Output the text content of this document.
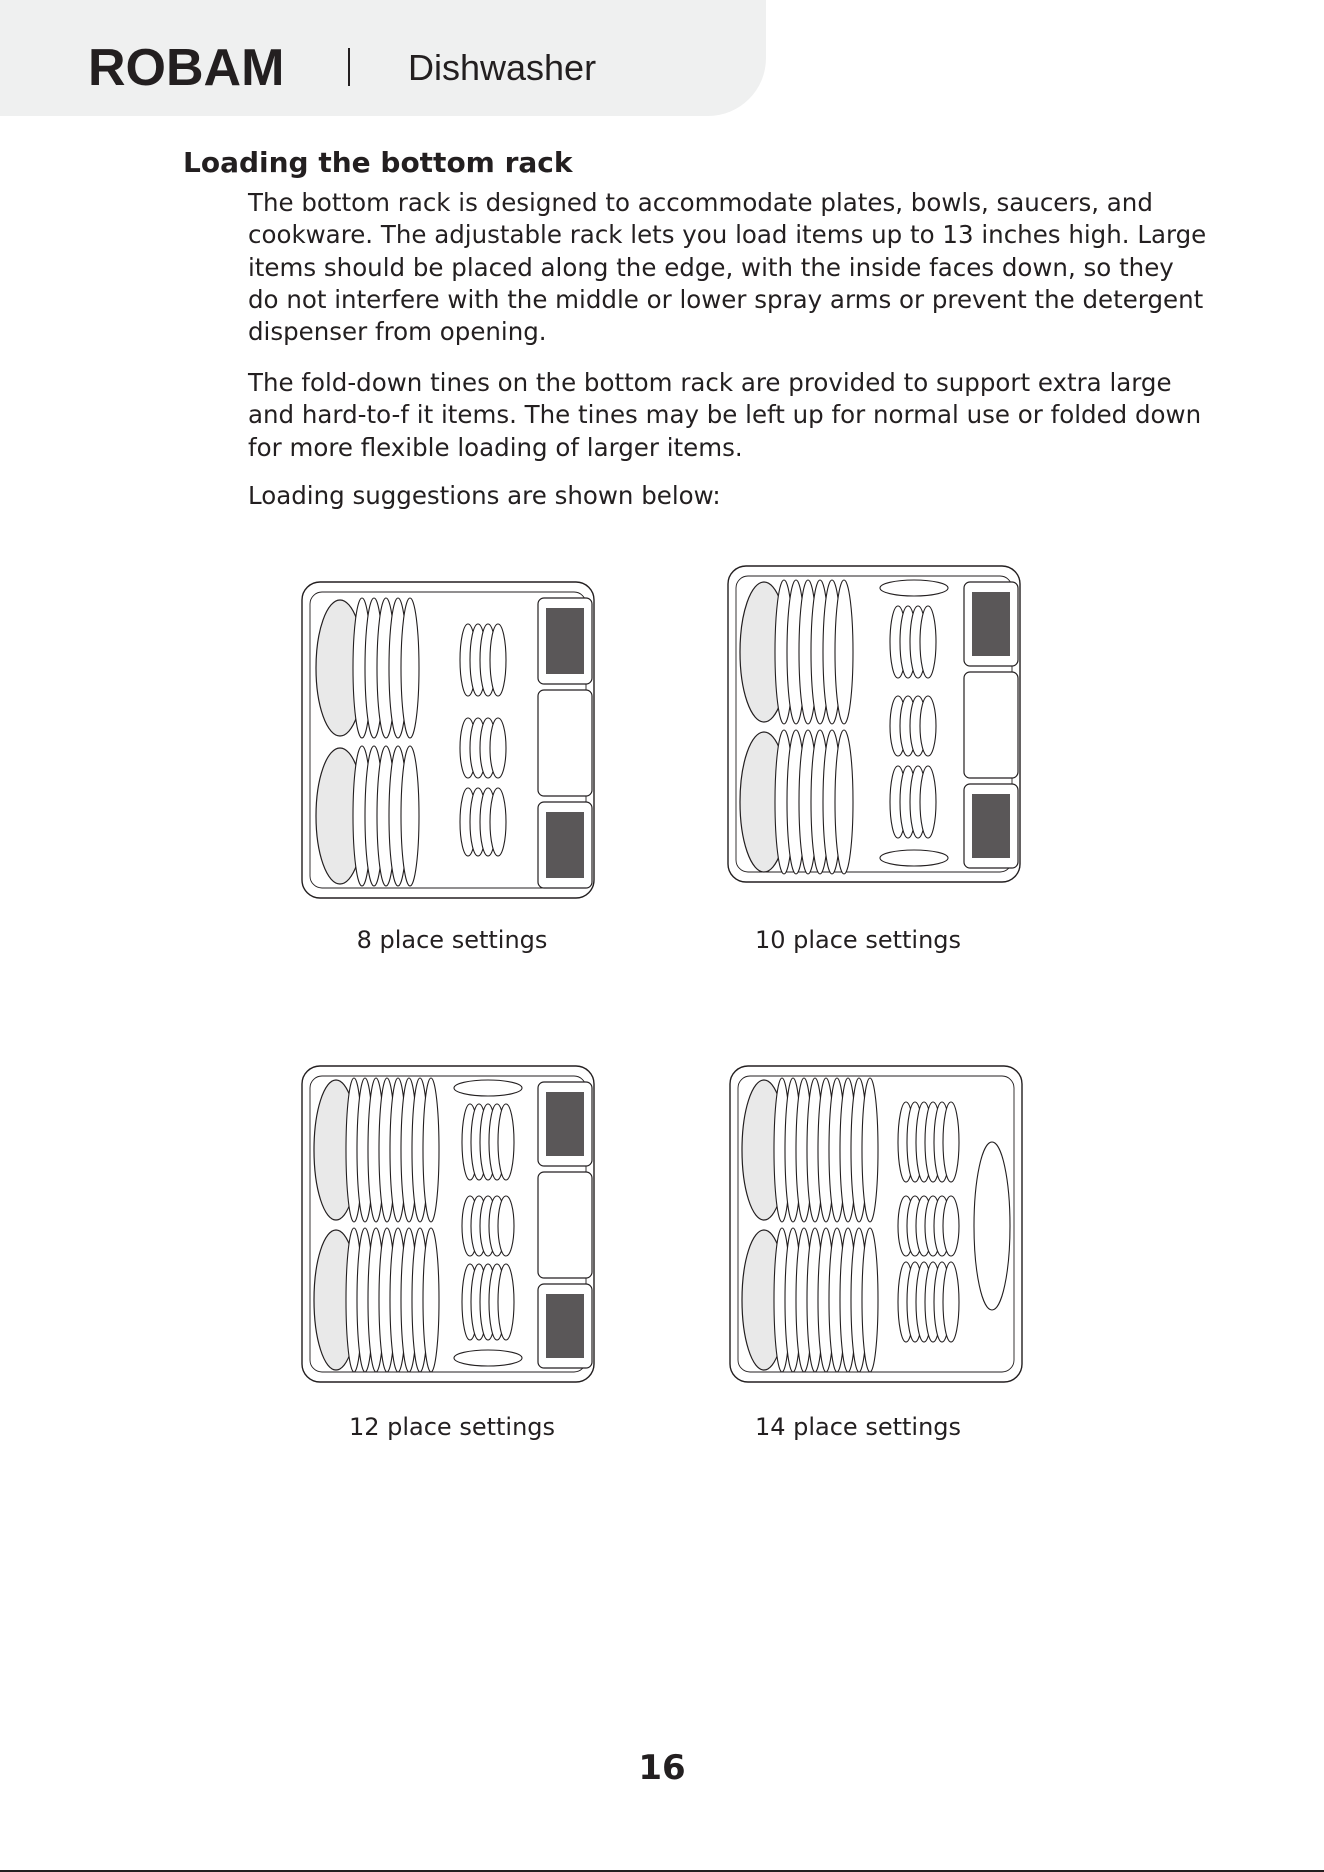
ROBAM	Dishwasher
Loading the bottom rack

The bottom rack is designed to accommodate plates, bowls, saucers, and cookware. The adjustable rack lets you load items up to 13 inches high. Large items should be placed along the edge, with the inside faces down, so they do not interfere with the middle or lower spray arms or prevent the detergent dispenser from opening.

The fold-down tines on the bottom rack are provided to support extra large and hard-to-f it items. The tines may be left up for normal use or folded down for more flexible loading of larger items.

Loading suggestions are shown below:

8 place settings	10 place settings
12 place settings	14 place settings
16
